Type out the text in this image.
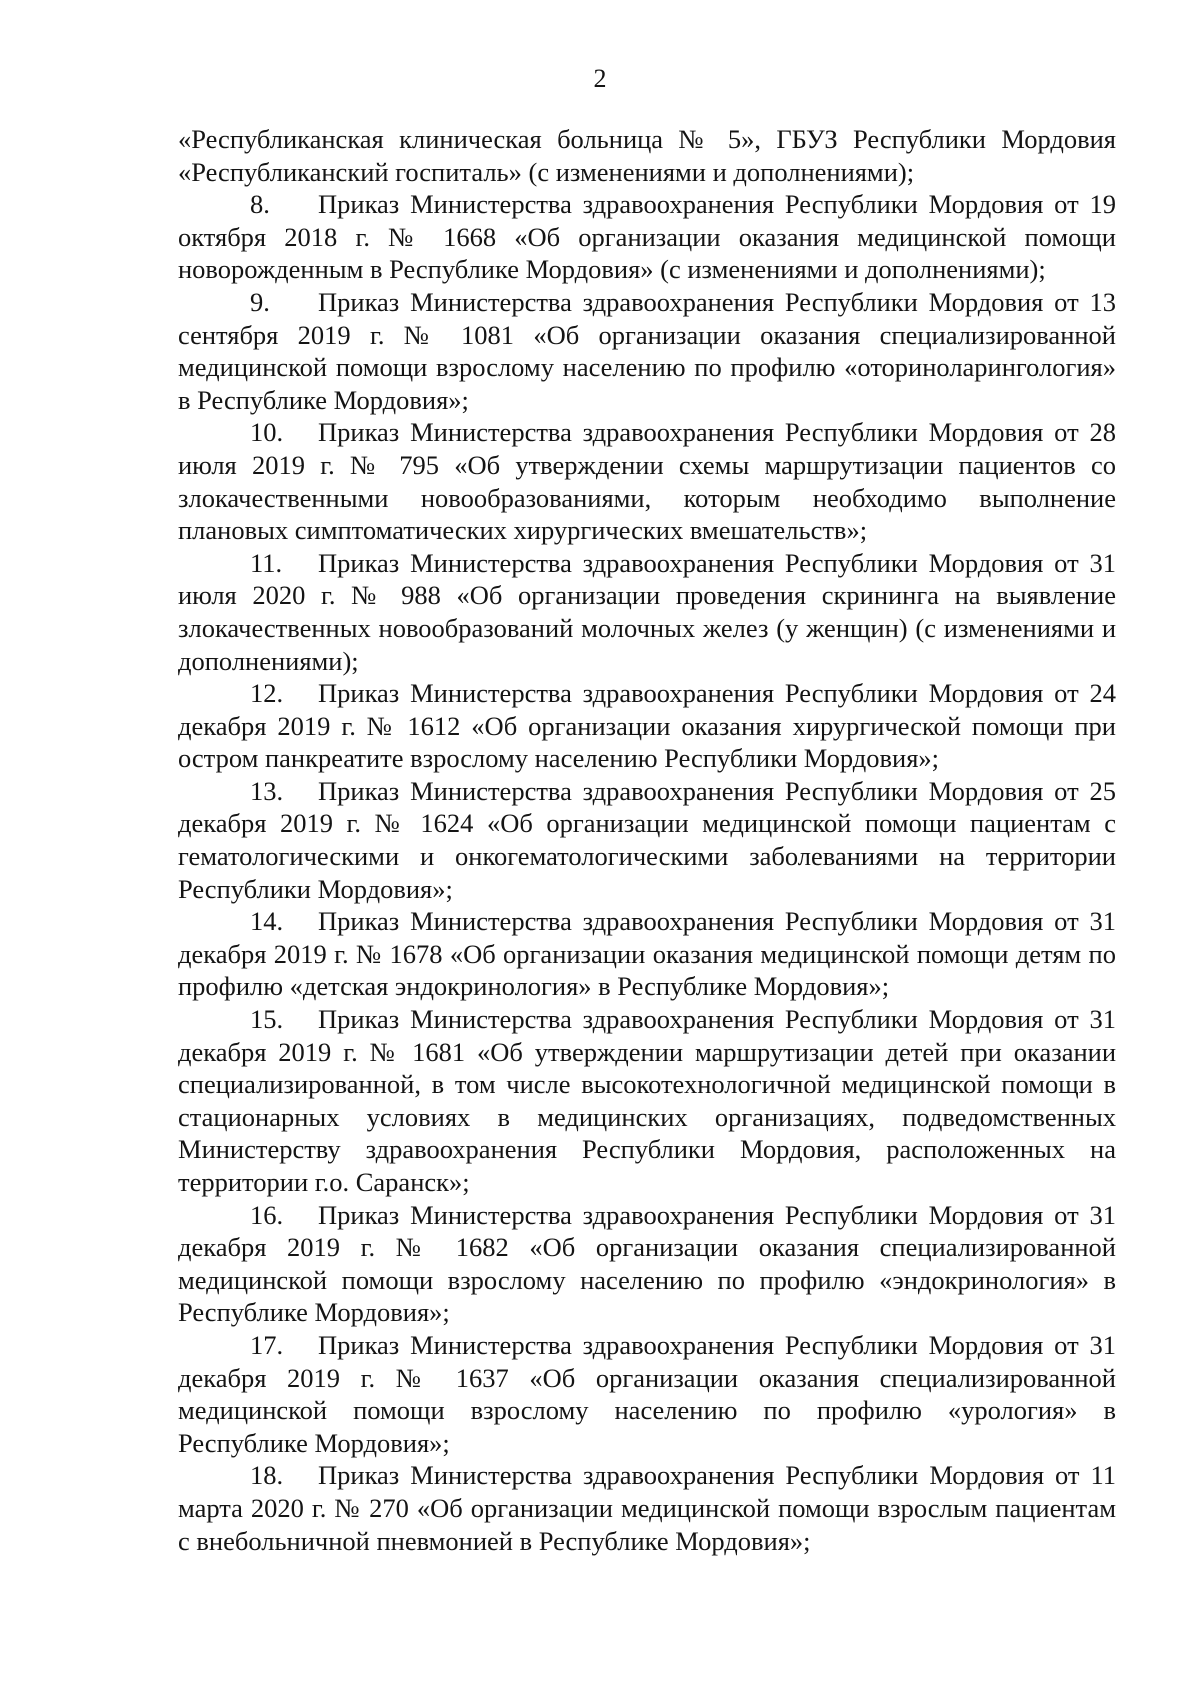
2

«Республиканская клиническая больница № 5», ГБУЗ Республики Мордовия «Республиканский госпиталь» (с изменениями и дополнениями);

8. Приказ Министерства здравоохранения Республики Мордовия от 19 октября 2018 г. № 1668 «Об организации оказания медицинской помощи новорожденным в Республике Мордовия» (с изменениями и дополнениями);

9. Приказ Министерства здравоохранения Республики Мордовия от 13 сентября 2019 г. № 1081 «Об организации оказания специализированной медицинской помощи взрослому населению по профилю «оториноларингология» в Республике Мордовия»;

10. Приказ Министерства здравоохранения Республики Мордовия от 28 июля 2019 г. № 795 «Об утверждении схемы маршрутизации пациентов со злокачественными новообразованиями, которым необходимо выполнение плановых симптоматических хирургических вмешательств»;

11. Приказ Министерства здравоохранения Республики Мордовия от 31 июля 2020 г. № 988 «Об организации проведения скрининга на выявление злокачественных новообразований молочных желез (у женщин) (с изменениями и дополнениями);

12. Приказ Министерства здравоохранения Республики Мордовия от 24 декабря 2019 г. № 1612 «Об организации оказания хирургической помощи при остром панкреатите взрослому населению Республики Мордовия»;

13. Приказ Министерства здравоохранения Республики Мордовия от 25 декабря 2019 г. № 1624 «Об организации медицинской помощи пациентам с гематологическими и онкогематологическими заболеваниями на территории Республики Мордовия»;

14. Приказ Министерства здравоохранения Республики Мордовия от 31 декабря 2019 г. № 1678 «Об организации оказания медицинской помощи детям по профилю «детская эндокринология» в Республике Мордовия»;

15. Приказ Министерства здравоохранения Республики Мордовия от 31 декабря 2019 г. № 1681 «Об утверждении маршрутизации детей при оказании специализированной, в том числе высокотехнологичной медицинской помощи в стационарных условиях в медицинских организациях, подведомственных Министерству здравоохранения Республики Мордовия, расположенных на территории г.о. Саранск»;

16. Приказ Министерства здравоохранения Республики Мордовия от 31 декабря 2019 г. № 1682 «Об организации оказания специализированной медицинской помощи взрослому населению по профилю «эндокринология» в Республике Мордовия»;

17. Приказ Министерства здравоохранения Республики Мордовия от 31 декабря 2019 г. № 1637 «Об организации оказания специализированной медицинской помощи взрослому населению по профилю «урология» в Республике Мордовия»;

18. Приказ Министерства здравоохранения Республики Мордовия от 11 марта 2020 г. № 270 «Об организации медицинской помощи взрослым пациентам с внебольничной пневмонией в Республике Мордовия»;
